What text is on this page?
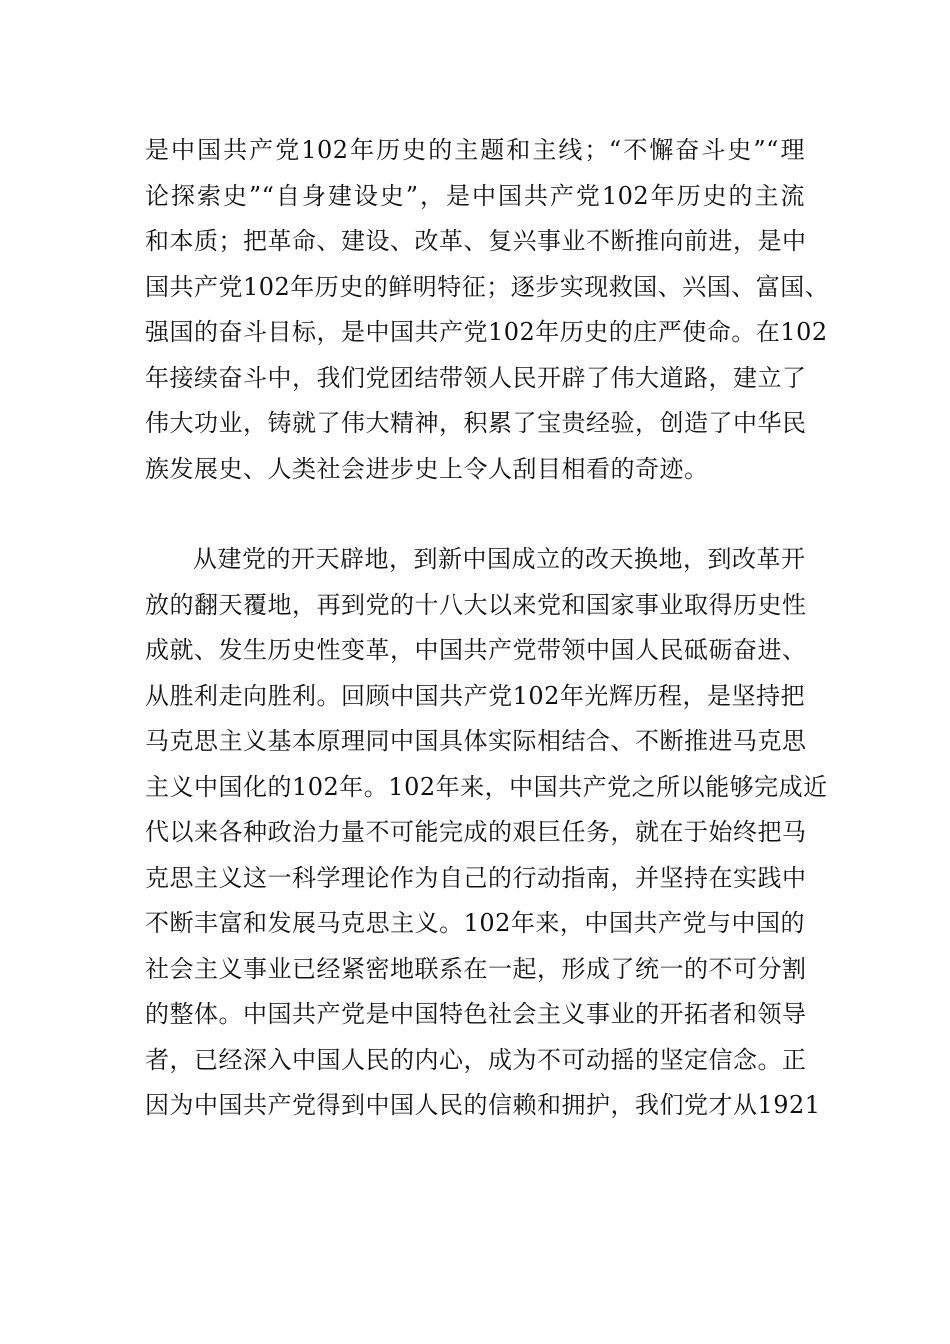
是中国共产党102年历史的主题和主线；“不懈奋斗史”“理
论探索史”“自身建设史”，是中国共产党102年历史的主流
和本质；把革命、建设、改革、复兴事业不断推向前进，是中
国共产党102年历史的鲜明特征；逐步实现救国、兴国、富国、
强国的奋斗目标，是中国共产党102年历史的庄严使命。在102
年接续奋斗中，我们党团结带领人民开辟了伟大道路，建立了
伟大功业，铸就了伟大精神，积累了宝贵经验，创造了中华民
族发展史、人类社会进步史上令人刮目相看的奇迹。
从建党的开天辟地，到新中国成立的改天换地，到改革开
放的翻天覆地，再到党的十八大以来党和国家事业取得历史性
成就、发生历史性变革，中国共产党带领中国人民砥砺奋进、
从胜利走向胜利。回顾中国共产党102年光辉历程，是坚持把
马克思主义基本原理同中国具体实际相结合、不断推进马克思
主义中国化的102年。102年来，中国共产党之所以能够完成近
代以来各种政治力量不可能完成的艰巨任务，就在于始终把马
克思主义这一科学理论作为自己的行动指南，并坚持在实践中
不断丰富和发展马克思主义。102年来，中国共产党与中国的
社会主义事业已经紧密地联系在一起，形成了统一的不可分割
的整体。中国共产党是中国特色社会主义事业的开拓者和领导
者，已经深入中国人民的内心，成为不可动摇的坚定信念。正
因为中国共产党得到中国人民的信赖和拥护，我们党才从1921
